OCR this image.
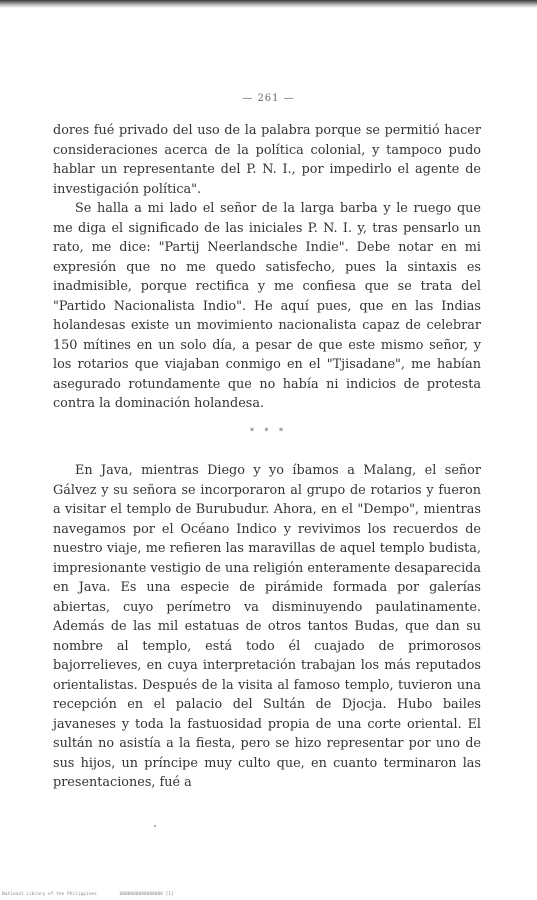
— 261 —

dores fué privado del uso de la palabra porque se permitió hacer consideraciones acerca de la política colonial, y tampoco pudo hablar un representante del P. N. I., por impedirlo el agente de investigación política".

Se halla a mi lado el señor de la larga barba y le ruego que me diga el significado de las iniciales P. N. I. y, tras pensarlo un rato, me dice: "Partij Neerlandsche Indie". Debe notar en mi expresión que no me quedo satisfecho, pues la sintaxis es inadmisible, porque rectifica y me confiesa que se trata del "Partido Nacionalista Indio". He aquí pues, que en las Indias holandesas existe un movimiento nacionalista capaz de celebrar 150 mítines en un solo día, a pesar de que este mismo señor, y los rotarios que viajaban conmigo en el "Tjisadane", me habían asegurado rotundamente que no había ni indicios de protesta contra la dominación holandesa.

* * *

En Java, mientras Diego y yo íbamos a Malang, el señor Gálvez y su señora se incorporaron al grupo de rotarios y fueron a visitar el templo de Burubudur. Ahora, en el "Dempo", mientras navegamos por el Océano Indico y revivimos los recuerdos de nuestro viaje, me refieren las maravillas de aquel templo budista, impresionante vestigio de una religión enteramente desaparecida en Java. Es una especie de pirámide formada por galerías abiertas, cuyo perímetro va disminuyendo paulatinamente. Además de las mil estatuas de otros tantos Budas, que dan su nombre al templo, está todo él cuajado de primorosos bajorrelieves, en cuya interpretación trabajan los más reputados orientalistas. Después de la visita al famoso templo, tuvieron una recepción en el palacio del Sultán de Djocja. Hubo bailes javaneses y toda la fastuosidad propia de una corte oriental. El sultán no asistía a la fiesta, pero se hizo representar por uno de sus hijos, un príncipe muy culto que, en cuanto terminaron las presentaciones, fué a

National Library of the Philippines	0000000000000000 [1]
